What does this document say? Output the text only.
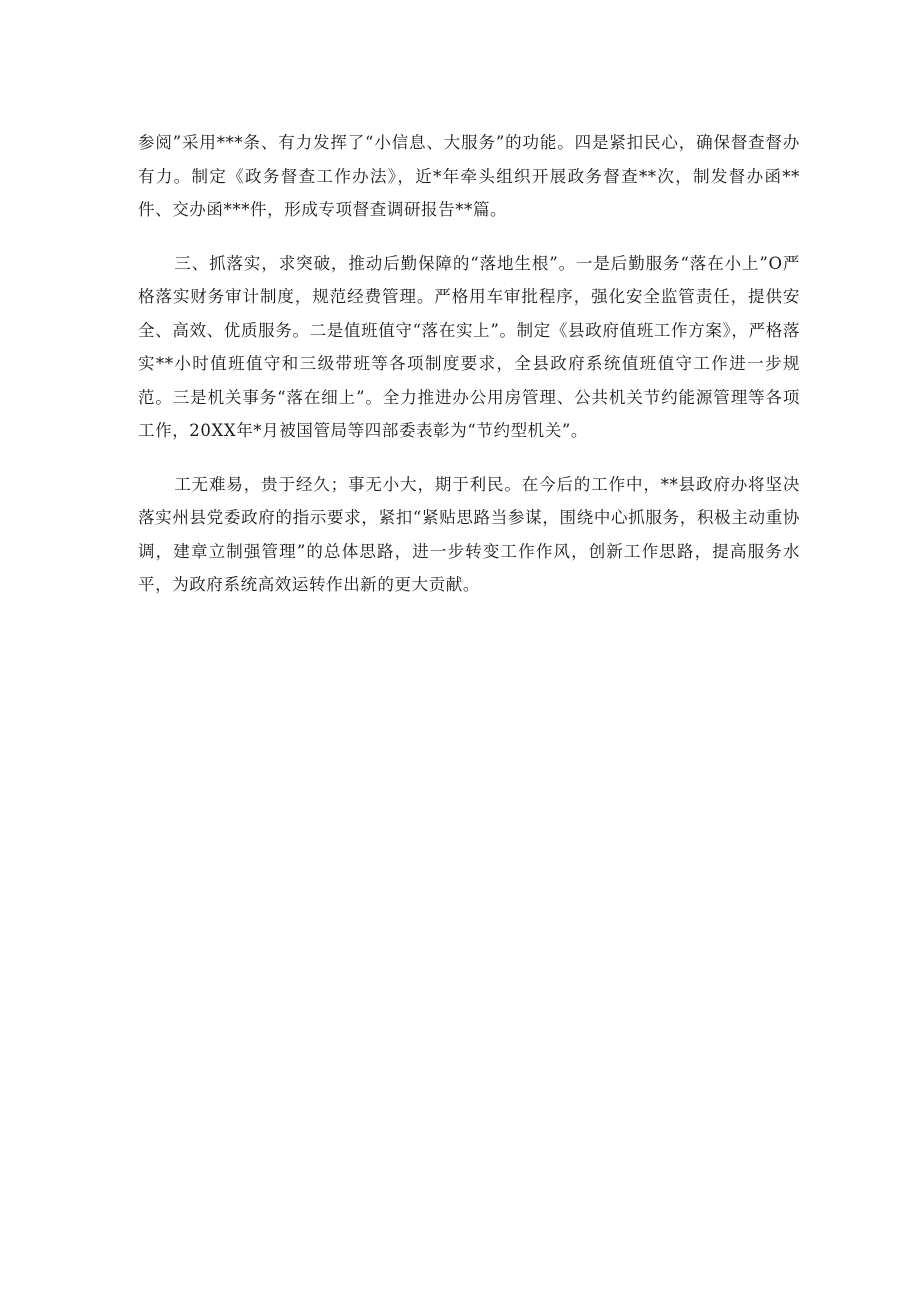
参阅”采用***条、有力发挥了“小信息、大服务”的功能。四是紧扣民心，确保督查督办有力。制定《政务督查工作办法》，近*年牵头组织开展政务督查**次，制发督办函**件、交办函***件，形成专项督查调研报告**篇。

三、抓落实，求突破，推动后勤保障的“落地生根”。一是后勤服务“落在小上”O严格落实财务审计制度，规范经费管理。严格用车审批程序，强化安全监管责任，提供安全、高效、优质服务。二是值班值守“落在实上”。制定《县政府值班工作方案》，严格落实**小时值班值守和三级带班等各项制度要求，全县政府系统值班值守工作进一步规范。三是机关事务“落在细上”。全力推进办公用房管理、公共机关节约能源管理等各项工作，20XX年*月被国管局等四部委表彰为“节约型机关”。

工无难易，贵于经久；事无小大，期于利民。在今后的工作中，**县政府办将坚决落实州县党委政府的指示要求，紧扣“紧贴思路当参谋，围绕中心抓服务，积极主动重协调，建章立制强管理”的总体思路，进一步转变工作作风，创新工作思路，提高服务水平，为政府系统高效运转作出新的更大贡献。
